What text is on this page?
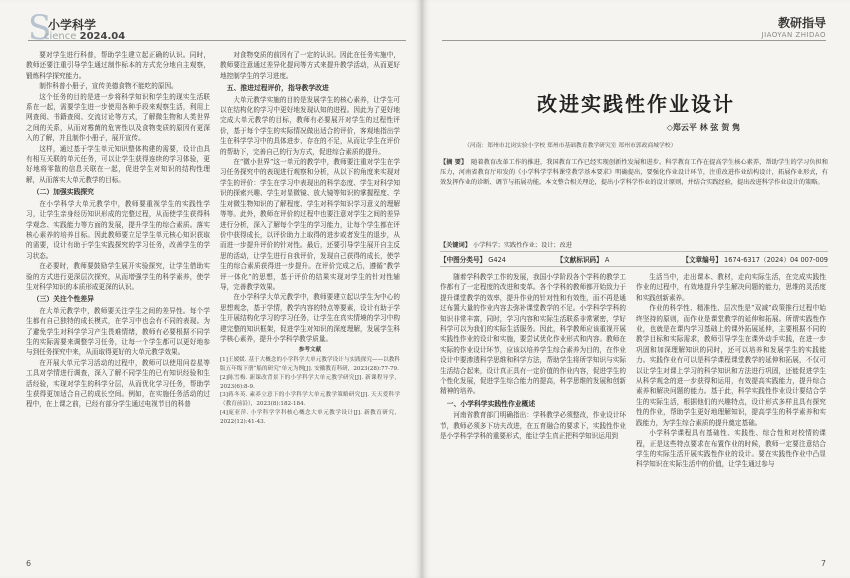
S
小学科学
cience 2024.04

要对学生进行科普，帮助学生建立起正确的认识。同时，教师还要注重引导学生通过制作标本的方式充分地自主观察，锻炼科学探究能力。

制作科普小册子，宣传美德食物不能吃的原因。

这个任务的目的是进一步将科学知识和学生的现实生活联系在一起，需要学生进一步使用各种手段来观察生活，利用上网查阅、书籍查阅、交流讨论等方式，了解微生物和人类世界之间的关系，从而对霉菌的危害性以及食物变质的原因有更深入的了解，并且制作小册子，展开宣传。

这样，通过基于学生单元知识整体构建的需要，设计由具有相互关联的单元任务，可以让学生获得连续的学习体验，更好地将零散的信息关联在一起，促进学生对知识的结构性理解，从而落实大单元教学的目标。

（二）加强实践探究

在小学科学大单元教学中，教师要重视学生的实践性学习，让学生亲身经历知识形成的完整过程，从而使学生获得科学观念、实践能力等方面的发展，提升学生的综合素质。落实核心素养的培养目标。因此教师要立足学生单元核心知识获取的需要，设计有助于学生实践探究的学习任务，改善学生的学习状态。

在必要时，教师要鼓励学生展开实验探究，让学生借助实验的方式进行更深层次探究，从而增强学生的科学素养，使学生对科学知识的本质形成更深的认识。

（三）关注个性差异

在大单元教学中，教师要关注学生之间的差异性。每个学生都有自己独特的成长模式，在学习中也会有不同的表现。为了避免学生对科学学习产生畏难情绪，教师有必要根据不同学生的实际需要来调整学习任务，让每一个学生都可以更好地参与到任务探究中来，从而取得更好的大单元教学效果。

在开展大单元学习活动的过程中，教师可以使用问卷星等工具对学情进行调查，深入了解不同学生的已有知识经验和生活经验，实现对学生的科学分层，从而优化学习任务，帮助学生获得更加适合自己的成长空间。例如，在实施任务活动的过程中，在上课之前，已经有部分学生通过电视节目的科普

对食物变质的前因有了一定的认识。因此在任务实施中，教师要注意通过差异化提问等方式来提升教学活动，从而更好地控制学生的学习进度。

五、推进过程评价，指导教学改进

大单元教学实施的目的是发展学生的核心素养，让学生可以在结构化的学习中更好地发现认知的进程。因此为了更好地完成大单元教学的目标，教师有必要展开对学生的过程性评价，基于每个学生的实际情况做出适合的评价，客观地指出学生在科学学习中的具体进步、存在的不足，从而让学生在评价的帮助下，完善自己的行为方式，促进综合素质的提升。

在“微小世界”这一单元的教学中，教师要注重对学生在学习任务探究中的表现进行观察和分析，从以下的角度来实现对学生的评价：学生在学习中表现出的科学态度、学生对科学知识的探索兴趣、学生对显微镜、放大镜等知识的掌握程度、学生对微生物知识的了解程度、学生对科学知识学习意义的理解等等。此外，教师在评价的过程中也要注意对学生之间的差异进行分析，深入了解每个学生的学习能力，让每个学生都在评价中获得成长，以评价助力上取得的进步或者发生的退步，从而进一步提升评价的针对性。最后，还要引导学生展开自主反思的活动，让学生进行自我评价，发现自己获得的成长，使学生的综合素质获得进一步提升。在评价完成之后，遵循“教学评一体化”的思想，基于评价的结果实现对学生的针对性辅导，完善教学效果。

在小学科学大单元教学中，教师要建立起以学生为中心的思想观念，基于学情，教学内容的特点等要素，设计有助于学生开展结构化学习的学习任务，让学生在真实情境的学习中构建完整的知识框架，促进学生对知识的深度理解，发展学生科学核心素养，提升小学科学教学质量。

参考文献

[1]王媛媛. 基于大概念的小学科学大单元教学设计与实践探究——以教科版五年级下册“船的研究”单元为例[J]. 安徽教育科研，2023(28):77-79.

[2]陈雪梅. 新课改背景下的小学科学大单元教学研究[J]. 新课程导学，2023(6):8-9.

[3]蒋冬英. 素养立意下的小学科学大单元教学策略研究[J]. 天天爱科学（教育前沿），2023(8):182-184.

[4]庞亚萍. 小学科学学科核心概念大单元教学设计[J]. 新教育研究，2022(12):41-43.

6
教研指导
JIAOYAN ZHIDAO
改进实践性作业设计
◇郑云平 林 弦 贺 隽
（河南：郑州市北岗实验小学校 郑州市基础教育教学研究室 郑州市郭政商城学校）
【摘 要】 随着教育改革工作的推进，我国教育工作已经实现创新性发展和进步。科学教育工作在提高学生核心素养，帮助学生的学习负担和压力，河南省教育厅印发的《小学科学学科课堂教学基本要求》明确提出，要强化作业设计环节，注重改进作业结构设计，拓展作业形式，有效发挥作业的诊断、调节与拓展功能。本文整合相关理论，提出小学科学作业的设计原则，并结合实践经验，提出改进科学作业设计的策略。
【关键词】 小学科学；实践性作业；设计；改进
【中图分类号】 G424	【文献标识码】 A	【文章编号】 1674-6317（2024）04 007-009

随着学科教学工作的发展，我国小学阶段各个学科的教学工作都有了一定程度的改进和变革。各个学科的教师都开始致力于提升课堂教学的效率，提升作业的针对性和有效性，而不再是通过布置大量的作业内容去弥补课堂教学的不足。小学科学学科的知识非常丰富，同时，学习内容和实际生活联系非常紧密，学好科学可以为我们的实际生活服务。因此，科学教师应该重视开展实践性作业的设计和实施，要尝试优化作业形式和内容。教师在实际的作业设计环节，应该以培养学生综合素养为目的，在作业设计中要渗透科学思维和科学方法，帮助学生将所学知识与实际生活结合起来，设计真正具有一定价值的作业内容，促进学生的个性化发展，促进学生综合能力的提高，科学思维的发展和创新精神的培养。

一、小学科学实践性作业概述

河南省教育部门明确指出：学科教学必须整改，作业设计环节，教师必须多下功夫改进，在五育融合的要求下，实践性作业是小学科学学科的重要形式，能让学生真正把科学知识运用到

生活当中，走出课本、教材，走向实际生活，在完成实践性作业的过程中，有效地提升学生解决问题的能力，思维的灵活度和实践创新素养。

作业的科学性、精准性、层次性是“双减”政策推行过程中始终坚持的原则，而作业是课堂教学的延伸和拓展。所谓实践性作业，也就是在课内学习基础上的课外拓展延伸，主要根据不同的教学目标和实际需求，教师引导学生在课外动手实践，在进一步巩固和加深理解知识的同时，还可以培养和发展学生的实践能力。实践作业有可以是科学课程课堂教学的延伸和拓展，不仅可以让学生对课上学习的科学知识和方法进行巩固，还能促进学生从科学观念的进一步获得和运用，有效提高实践能力，提升综合素养和解决问题的能力。基于此，科学实践性作业设计要结合学生的实际生活，根据他们的兴趣特点，设计形式多样且具有探究性的作业，帮助学生更好地理解知识，提高学生的科学素养和实践能力，为学生综合素质的提升奠定基础。

小学科学课程具有基础性、实践性、综合性和对校情的课程，正是这些特点要求在布置作业的时候，教师一定要注意结合学生的实际生活开展实践性作业的设计。要在实践性作业中凸显科学知识在实际生活中的价值，让学生通过参与

7
